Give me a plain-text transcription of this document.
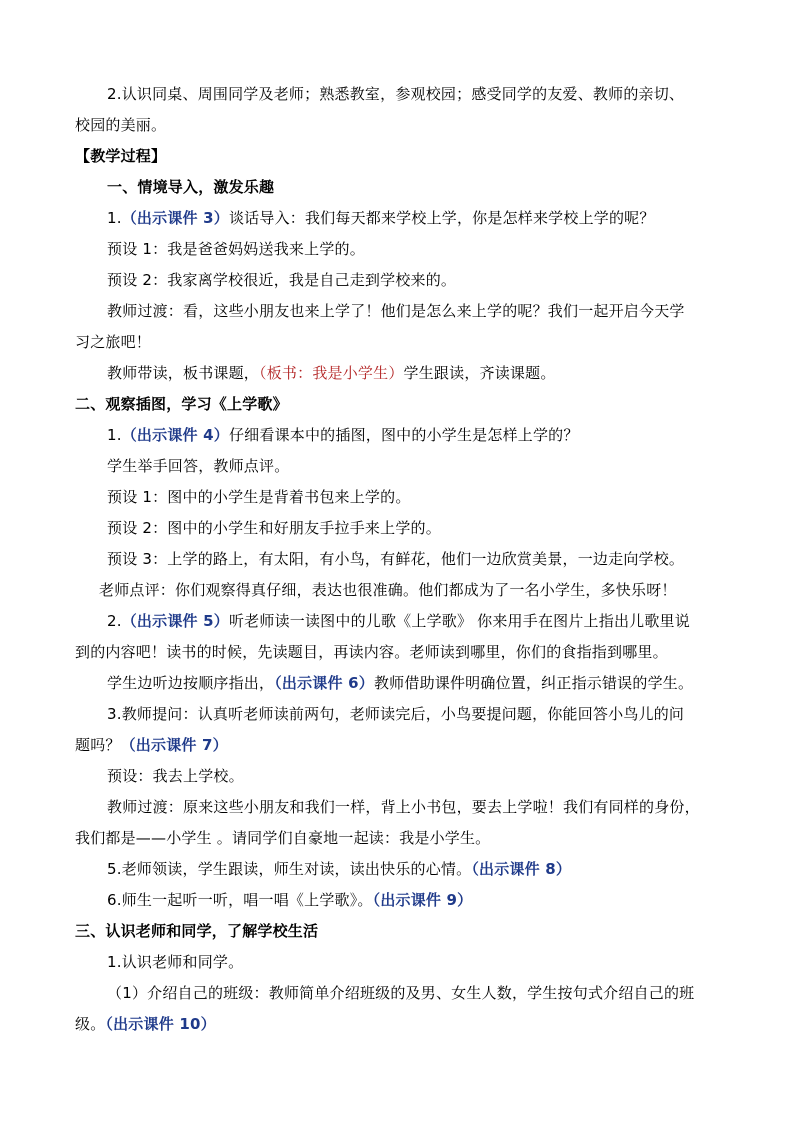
2.认识同桌、周围同学及老师；熟悉教室，参观校园；感受同学的友爱、教师的亲切、
校园的美丽。
【教学过程】
一、情境导入，激发乐趣
1.（出示课件 3）谈话导入：我们每天都来学校上学，你是怎样来学校上学的呢？
预设 1：我是爸爸妈妈送我来上学的。
预设 2：我家离学校很近，我是自己走到学校来的。
教师过渡：看，这些小朋友也来上学了！他们是怎么来上学的呢？我们一起开启今天学
习之旅吧！
教师带读，板书课题，（板书：我是小学生）学生跟读，齐读课题。
二、观察插图，学习《上学歌》
1.（出示课件 4）仔细看课本中的插图，图中的小学生是怎样上学的？
学生举手回答，教师点评。
预设 1：图中的小学生是背着书包来上学的。
预设 2：图中的小学生和好朋友手拉手来上学的。
预设 3：上学的路上，有太阳，有小鸟，有鲜花，他们一边欣赏美景，一边走向学校。
老师点评：你们观察得真仔细，表达也很准确。他们都成为了一名小学生，多快乐呀！
2.（出示课件 5）听老师读一读图中的儿歌《上学歌》 你来用手在图片上指出儿歌里说
到的内容吧！读书的时候，先读题目，再读内容。老师读到哪里，你们的食指指到哪里。
学生边听边按顺序指出，（出示课件 6）教师借助课件明确位置，纠正指示错误的学生。
3.教师提问：认真听老师读前两句，老师读完后，小鸟要提问题，你能回答小鸟儿的问
题吗？（出示课件 7）
预设：我去上学校。
教师过渡：原来这些小朋友和我们一样，背上小书包，要去上学啦！我们有同样的身份，
我们都是——小学生 。请同学们自豪地一起读：我是小学生。
5.老师领读，学生跟读，师生对读，读出快乐的心情。（出示课件 8）
6.师生一起听一听，唱一唱《上学歌》。（出示课件 9）
三、认识老师和同学，了解学校生活
1.认识老师和同学。
（1）介绍自己的班级：教师简单介绍班级的及男、女生人数，学生按句式介绍自己的班
级。（出示课件 10）
